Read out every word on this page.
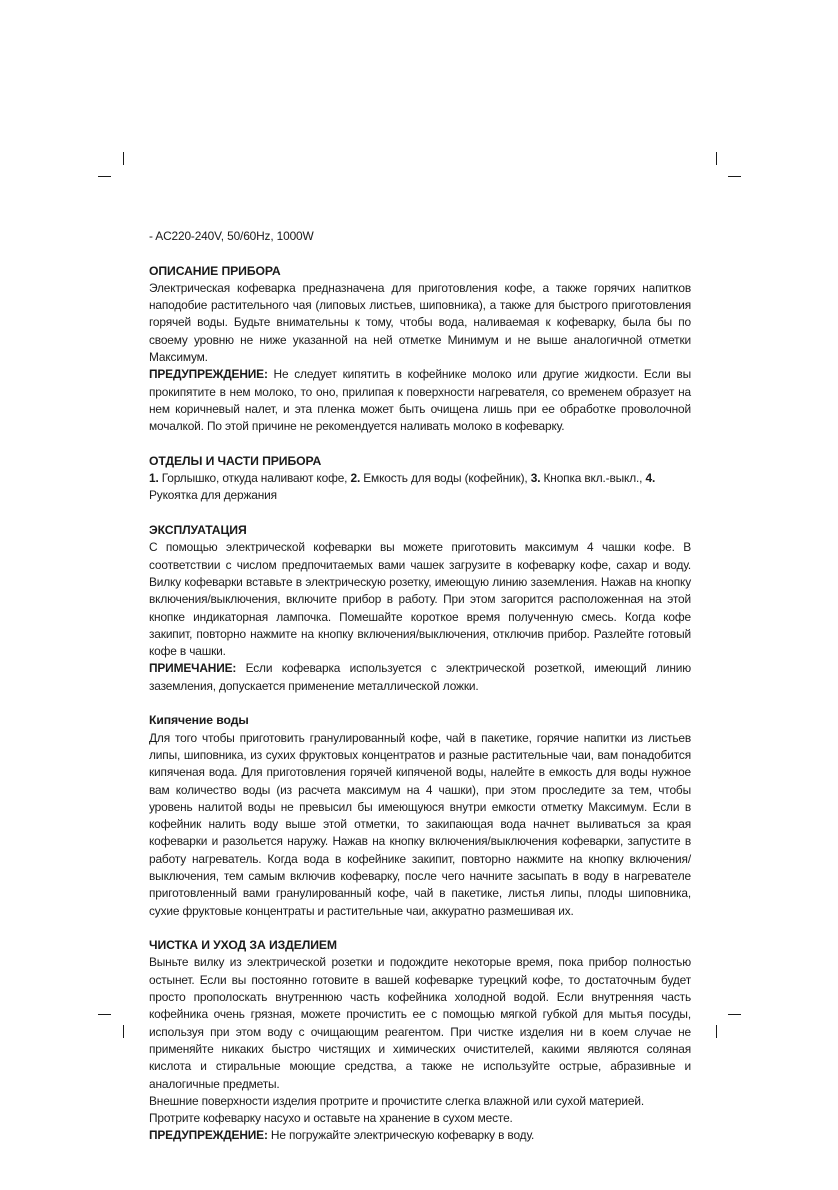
- AC220-240V, 50/60Hz, 1000W

ОПИСАНИЕ ПРИБОРА

Электрическая кофеварка предназначена для приготовления кофе, а также горячих напитков наподобие растительного чая (липовых листьев, шиповника), а также для быстрого приготовления горячей воды. Будьте внимательны к тому, чтобы вода, наливаемая к кофеварку, была бы по своему уровню не ниже указанной на ней отметке Минимум и не выше аналогичной отметки Максимум.

ПРЕДУПРЕЖДЕНИЕ: Не следует кипятить в кофейнике молоко или другие жидкости. Если вы прокипятите в нем молоко, то оно, прилипая к поверхности нагревателя, со временем образует на нем коричневый налет, и эта пленка может быть очищена лишь при ее обработке проволочной мочалкой. По этой причине не рекомендуется наливать молоко в кофеварку.

ОТДЕЛЫ И ЧАСТИ ПРИБОРА

1. Горлышко, откуда наливают кофе, 2. Емкость для воды (кофейник), 3. Кнопка вкл.-выкл., 4. Рукоятка для держания

ЭКСПЛУАТАЦИЯ

С помощью электрической кофеварки вы можете приготовить максимум 4 чашки кофе. В соответствии с числом предпочитаемых вами чашек загрузите в кофеварку кофе, сахар и воду. Вилку кофеварки вставьте в электрическую розетку, имеющую линию заземления. Нажав на кнопку включения/выключения, включите прибор в работу. При этом загорится расположенная на этой кнопке индикаторная лампочка. Помешайте короткое время полученную смесь. Когда кофе закипит, повторно нажмите на кнопку включения/выключения, отключив прибор. Разлейте готовый кофе в чашки.

ПРИМЕЧАНИЕ: Если кофеварка используется с электрической розеткой, имеющий линию заземления, допускается применение металлической ложки.

Кипячение воды

Для того чтобы приготовить гранулированный кофе, чай в пакетике, горячие напитки из листьев липы, шиповника, из сухих фруктовых концентратов и разные растительные чаи, вам понадобится кипяченая вода. Для приготовления горячей кипяченой воды, налейте в емкость для воды нужное вам количество воды (из расчета максимум на 4 чашки), при этом проследите за тем, чтобы уровень налитой воды не превысил бы имеющуюся внутри емкости отметку Максимум. Если в кофейник налить воду выше этой отметки, то закипающая вода начнет выливаться за края кофеварки и разольется наружу. Нажав на кнопку включения/выключения кофеварки, запустите в работу нагреватель. Когда вода в кофейнике закипит, повторно нажмите на кнопку включения/выключения, тем самым включив кофеварку, после чего начните засыпать в воду в нагревателе приготовленный вами гранулированный кофе, чай в пакетике, листья липы, плоды шиповника, сухие фруктовые концентраты и растительные чаи, аккуратно размешивая их.

ЧИСТКА И УХОД ЗА ИЗДЕЛИЕМ

Выньте вилку из электрической розетки и подождите некоторые время, пока прибор полностью остынет. Если вы постоянно готовите в вашей кофеварке турецкий кофе, то достаточным будет просто прополоскать внутреннюю часть кофейника холодной водой. Если внутренняя часть кофейника очень грязная, можете прочистить ее с помощью мягкой губкой для мытья посуды, используя при этом воду с очищающим реагентом. При чистке изделия ни в коем случае не применяйте никаких быстро чистящих и химических очистителей, какими являются соляная кислота и стиральные моющие средства, а также не используйте острые, абразивные и аналогичные предметы.

Внешние поверхности изделия протрите и прочистите слегка влажной или сухой материей.

Протрите кофеварку насухо и оставьте на хранение в сухом месте.

ПРЕДУПРЕЖДЕНИЕ: Не погружайте электрическую кофеварку в воду.
